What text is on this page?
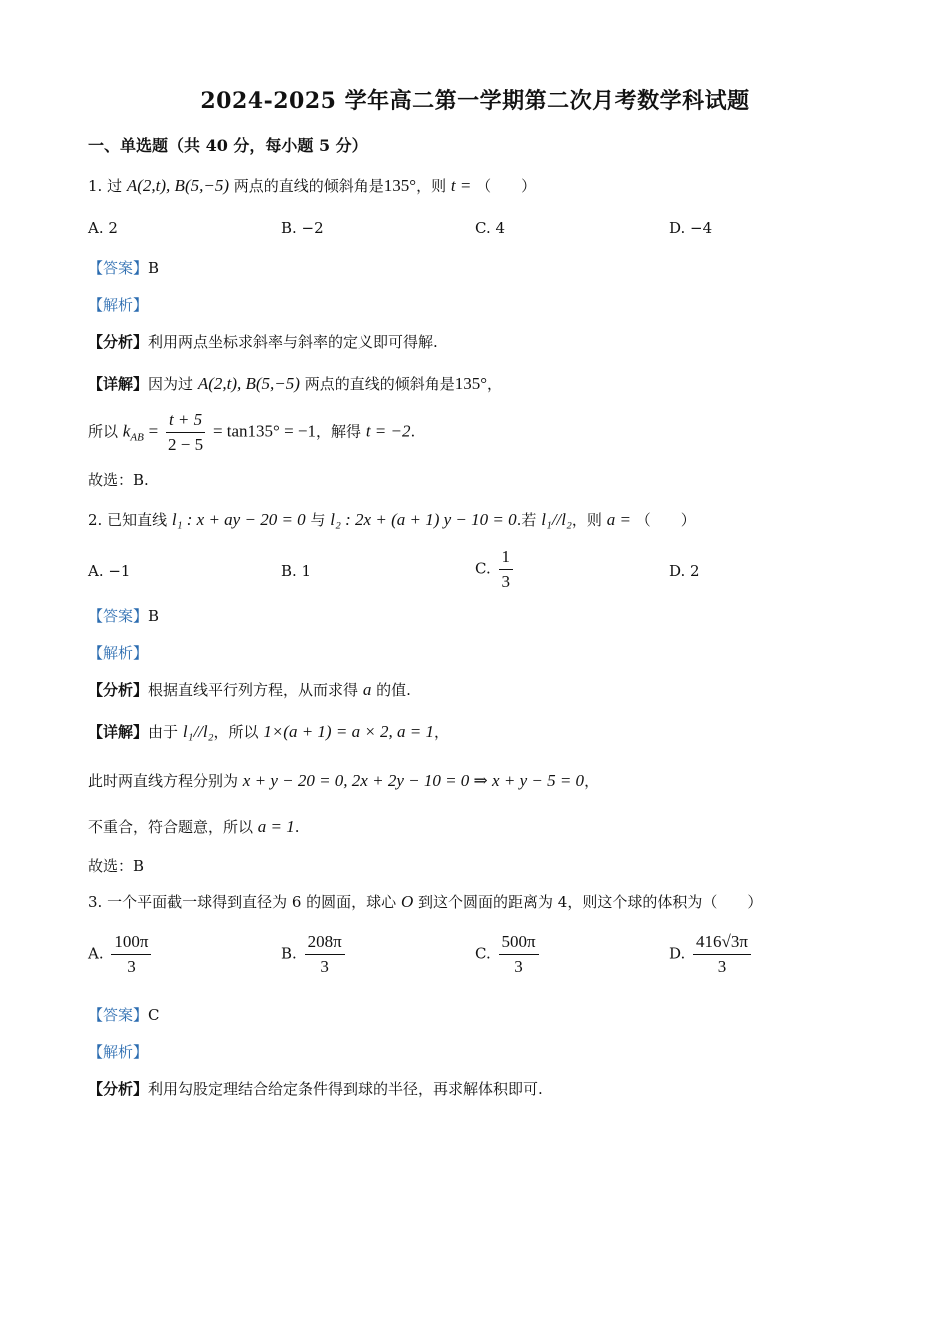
2024-2025 学年高二第一学期第二次月考数学科试题
一、单选题（共 40 分，每小题 5 分）
1. 过 A(2,t), B(5,−5) 两点的直线的倾斜角是135°，则 t = （　　）
A. 2	B. −2	C. 4	D. −4
【答案】B
【解析】
【分析】利用两点坐标求斜率与斜率的定义即可得解.
【详解】因为过 A(2,t), B(5,−5) 两点的直线的倾斜角是135°，
所以 $k_{AB} = \frac{t + 5}{2 - 5} = \tan 135^\circ = -1$，解得 t = −2.
故选：B.
2. 已知直线 l₁ : x + ay − 20 = 0 与 l₂ : 2x + (a + 1) y − 10 = 0.若 l₁//l₂，则 a = （　　）
A. −1	B. 1	C. $\frac{1}{3}$	D. 2
【答案】B
【解析】
【分析】根据直线平行列方程，从而求得 a 的值.
【详解】由于 l₁//l₂，所以 1×(a + 1) = a × 2, a = 1，
此时两直线方程分别为 x + y − 20 = 0, 2x + 2y − 10 = 0 ⇒ x + y − 5 = 0，
不重合，符合题意，所以 a = 1.
故选：B
3. 一个平面截一球得到直径为 6 的圆面，球心 O 到这个圆面的距离为 4，则这个球的体积为（　　）
A. $\frac{100\pi}{3}$	B. $\frac{208\pi}{3}$	C. $\frac{500\pi}{3}$	D. $\frac{416√3\pi}{3}$
【答案】C
【解析】
【分析】利用勾股定理结合给定条件得到球的半径，再求解体积即可.
